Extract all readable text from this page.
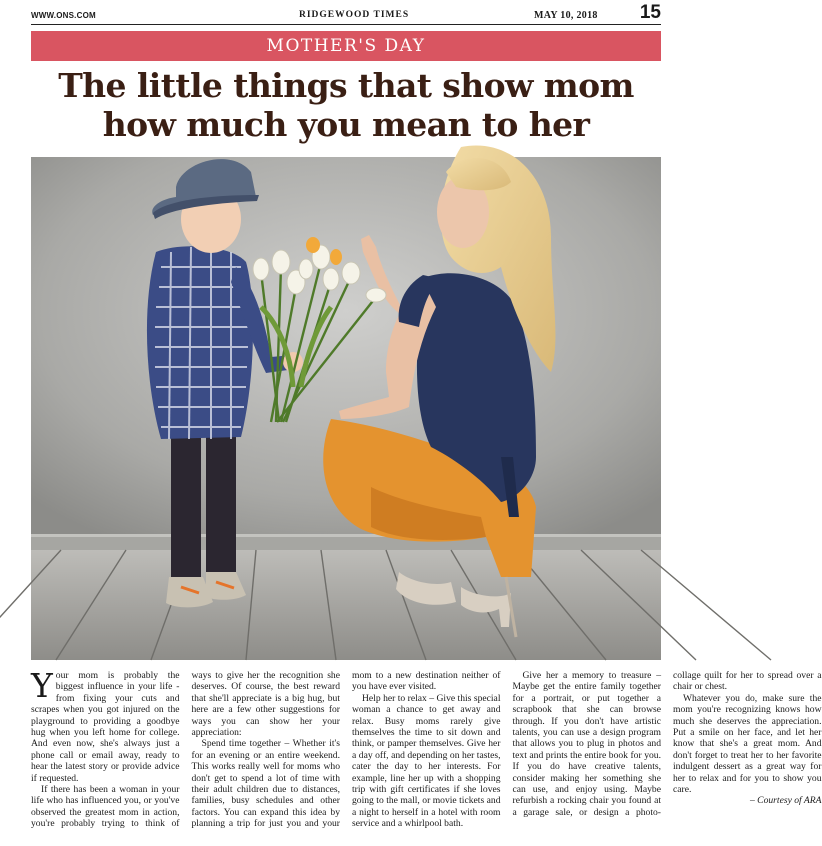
WWW.ONS.COM	RIDGEWOOD TIMES	MAY 10, 2018 15
MOTHER'S DAY
The little things that show mom
how much you mean to her

Your mom is probably the biggest influence in your life - from fixing your cuts and scrapes when you got injured on the playground to providing a goodbye hug when you left home for college. And even now, she's always just a phone call or email away, ready to hear the latest story or provide advice if requested.

If there has been a woman in your life who has influenced you, or you've observed the greatest mom in action, you're probably trying to think of ways to give her the recognition she deserves. Of course, the best reward that she'll appreciate is a big hug, but here are a few other suggestions for ways you can show her your appreciation:

Spend time together – Whether it's for an evening or an entire weekend. This works really well for moms who don't get to spend a lot of time with their adult children due to distances, families, busy schedules and other factors. You can expand this idea by planning a trip for just you and your mom to a new destination neither of you have ever visited.

Help her to relax – Give this special woman a chance to get away and relax. Busy moms rarely give themselves the time to sit down and think, or pamper themselves. Give her a day off, and depending on her tastes, cater the day to her interests. For example, line her up with a shopping trip with gift certificates if she loves going to the mall, or movie tickets and a night to herself in a hotel with room service and a whirlpool bath.

Give her a memory to treasure – Maybe get the entire family together for a portrait, or put together a scrapbook that she can browse through. If you don't have artistic talents, you can use a design program that allows you to plug in photos and text and prints the entire book for you. If you do have creative talents, consider making her something she can use, and enjoy using. Maybe refurbish a rocking chair you found at a garage sale, or design a photo-collage quilt for her to spread over a chair or chest.

Whatever you do, make sure the mom you're recognizing knows how much she deserves the appreciation. Put a smile on her face, and let her know that she's a great mom. And don't forget to treat her to her favorite indulgent dessert as a great way for her to relax and for you to show you care.

– Courtesy of ARA
